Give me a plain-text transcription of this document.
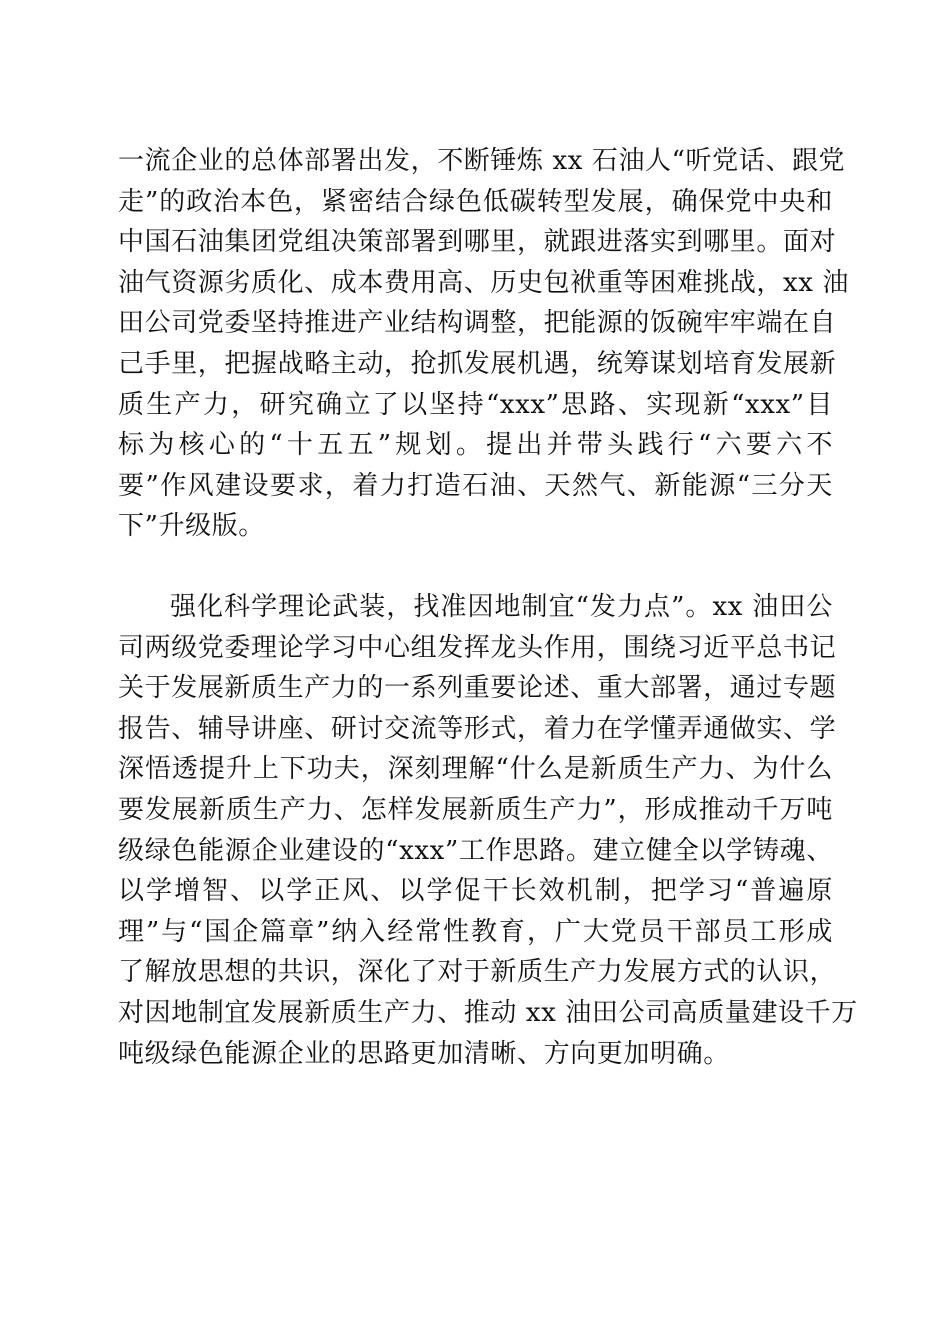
一流企业的总体部署出发，不断锤炼 xx 石油人“听党话、跟党
走”的政治本色，紧密结合绿色低碳转型发展，确保党中央和
中国石油集团党组决策部署到哪里，就跟进落实到哪里。面对
油气资源劣质化、成本费用高、历史包袱重等困难挑战，xx 油
田公司党委坚持推进产业结构调整，把能源的饭碗牢牢端在自
己手里，把握战略主动，抢抓发展机遇，统筹谋划培育发展新
质生产力，研究确立了以坚持“xxx”思路、实现新“xxx”目
标为核心的“十五五”规划。提出并带头践行“六要六不
要”作风建设要求，着力打造石油、天然气、新能源“三分天
下”升级版。
强化科学理论武装，找准因地制宜“发力点”。xx 油田公
司两级党委理论学习中心组发挥龙头作用，围绕习近平总书记
关于发展新质生产力的一系列重要论述、重大部署，通过专题
报告、辅导讲座、研讨交流等形式，着力在学懂弄通做实、学
深悟透提升上下功夫，深刻理解“什么是新质生产力、为什么
要发展新质生产力、怎样发展新质生产力”，形成推动千万吨
级绿色能源企业建设的“xxx”工作思路。建立健全以学铸魂、
以学增智、以学正风、以学促干长效机制，把学习“普遍原
理”与“国企篇章”纳入经常性教育，广大党员干部员工形成
了解放思想的共识，深化了对于新质生产力发展方式的认识，
对因地制宜发展新质生产力、推动 xx 油田公司高质量建设千万
吨级绿色能源企业的思路更加清晰、方向更加明确。
